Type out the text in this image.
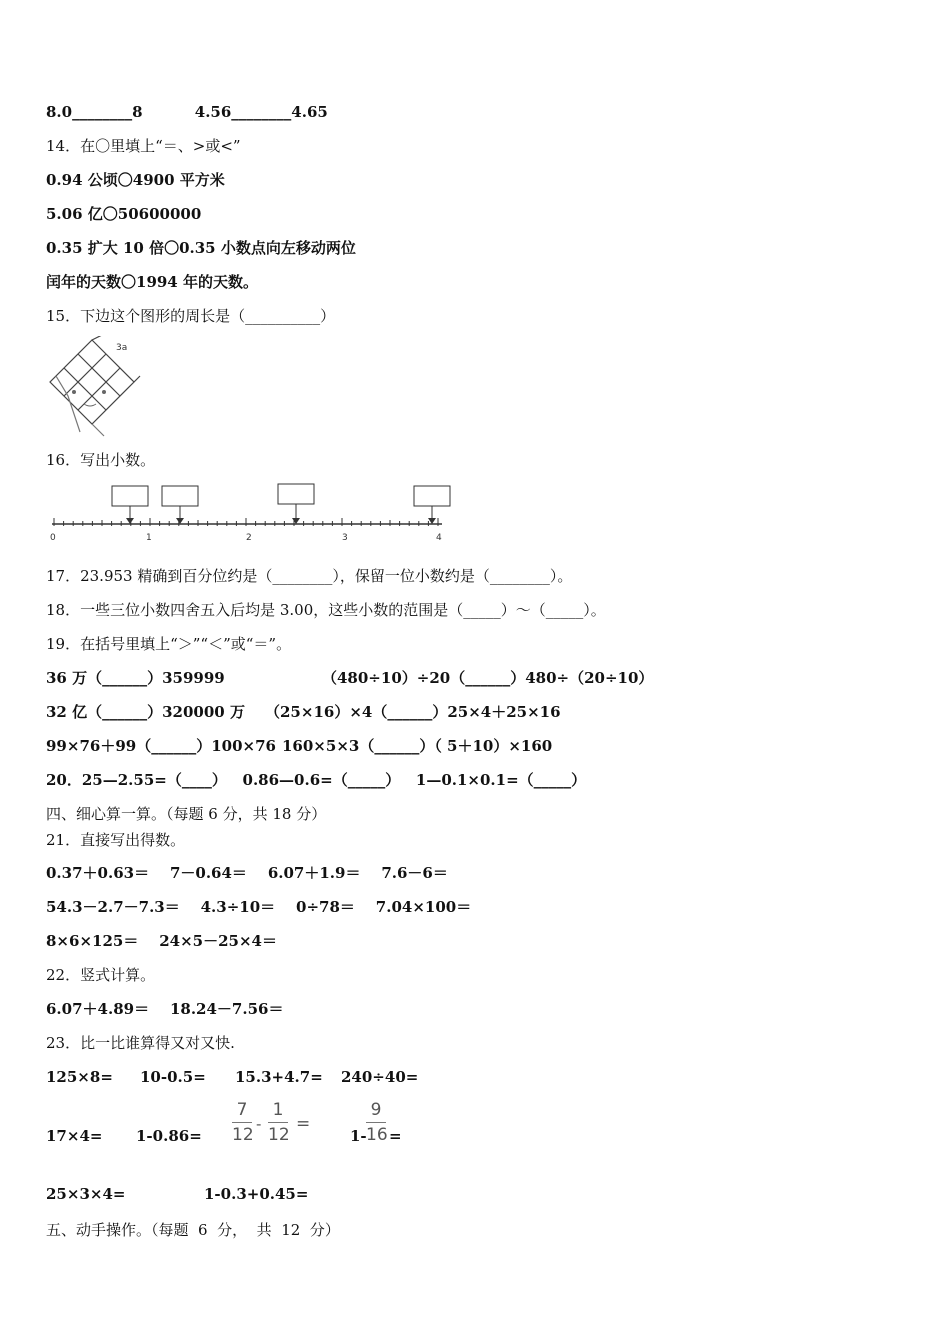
8.0________8          4.56________4.65
14．在〇里填上“＝、>或<”
0.94 公顷〇4900 平方米
5.06 亿〇50600000
0.35 扩大 10 倍〇0.35 小数点向左移动两位
闰年的天数〇1994 年的天数。
15．下边这个图形的周长是（__________）
3a
16．写出小数。
0	1	2	3	4
17．23.953 精确到百分位约是（________），保留一位小数约是（________）。
18．一些三位小数四舍五入后均是 3.00，这些小数的范围是（_____）～（_____）。
19．在括号里填上“＞”“＜”或“＝”。
36 万（______）359999	（480÷10）÷20（______）480÷（20÷10）
32 亿（______）320000 万 （25×16）×4（______）25×4＋25×16
99×76＋99（______）100×76 160×5×3（______）（ 5＋10）×160
20．25—2.55=（____）   0.86—0.6=（_____）   1—0.1×0.1=（_____）
四、细心算一算。（每题 6 分，共 18 分）
21．直接写出得数。
0.37＋0.63＝    7－0.64＝    6.07＋1.9＝    7.6－6＝
54.3－2.7－7.3＝    4.3÷10＝    0÷78＝    7.04×100＝
8×6×125＝    24×5－25×4＝
22．竖式计算。
6.07＋4.89＝    18.24－7.56＝
23．比一比谁算得又对又快.
125×8= 10-0.5= 15.3+4.7= 240÷40=
17×4= 1-0.86=
7
12
-
1
12
=
1-
9
16 =
25×3×4=	1-0.3+0.45=
五、动手操作。（每题  6  分，  共  12  分）
